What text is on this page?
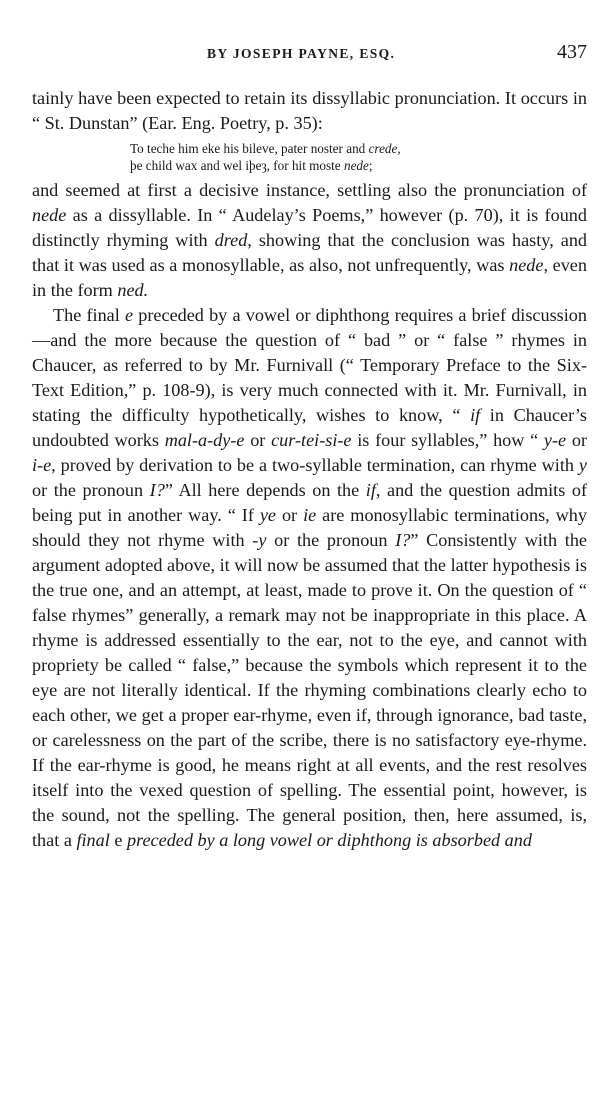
BY JOSEPH PAYNE, ESQ.	437

tainly have been expected to retain its dissyllabic pronunciation. It occurs in “ St. Dunstan” (Ear. Eng. Poetry, p. 35):

To teche him eke his bileve, pater noster and crede,
þe child wax and wel iþeȝ, for hit moste nede;

and seemed at first a decisive instance, settling also the pronunciation of nede as a dissyllable. In “ Audelay’s Poems,” however (p. 70), it is found distinctly rhyming with dred, showing that the conclusion was hasty, and that it was used as a monosyllable, as also, not unfrequently, was nede, even in the form ned.

The final e preceded by a vowel or diphthong requires a brief discussion—and the more because the question of “ bad ” or “ false ” rhymes in Chaucer, as referred to by Mr. Furnivall (“ Temporary Preface to the Six-Text Edition,” p. 108-9), is very much connected with it. Mr. Furnivall, in stating the difficulty hypothetically, wishes to know, “ if in Chaucer’s undoubted works mal-a-dy-e or cur-tei-si-e is four syllables,” how “ y-e or i-e, proved by derivation to be a two-syllable termination, can rhyme with y or the pronoun I?” All here depends on the if, and the question admits of being put in another way. “ If ye or ie are monosyllabic terminations, why should they not rhyme with -y or the pronoun I?” Consistently with the argument adopted above, it will now be assumed that the latter hypothesis is the true one, and an attempt, at least, made to prove it. On the question of “ false rhymes” generally, a remark may not be inappropriate in this place. A rhyme is addressed essentially to the ear, not to the eye, and cannot with propriety be called “ false,” because the symbols which represent it to the eye are not literally identical. If the rhyming combinations clearly echo to each other, we get a proper ear-rhyme, even if, through ignorance, bad taste, or carelessness on the part of the scribe, there is no satisfactory eye-rhyme. If the ear-rhyme is good, he means right at all events, and the rest resolves itself into the vexed question of spelling. The essential point, however, is the sound, not the spelling. The general position, then, here assumed, is, that a final e preceded by a long vowel or diphthong is absorbed and
